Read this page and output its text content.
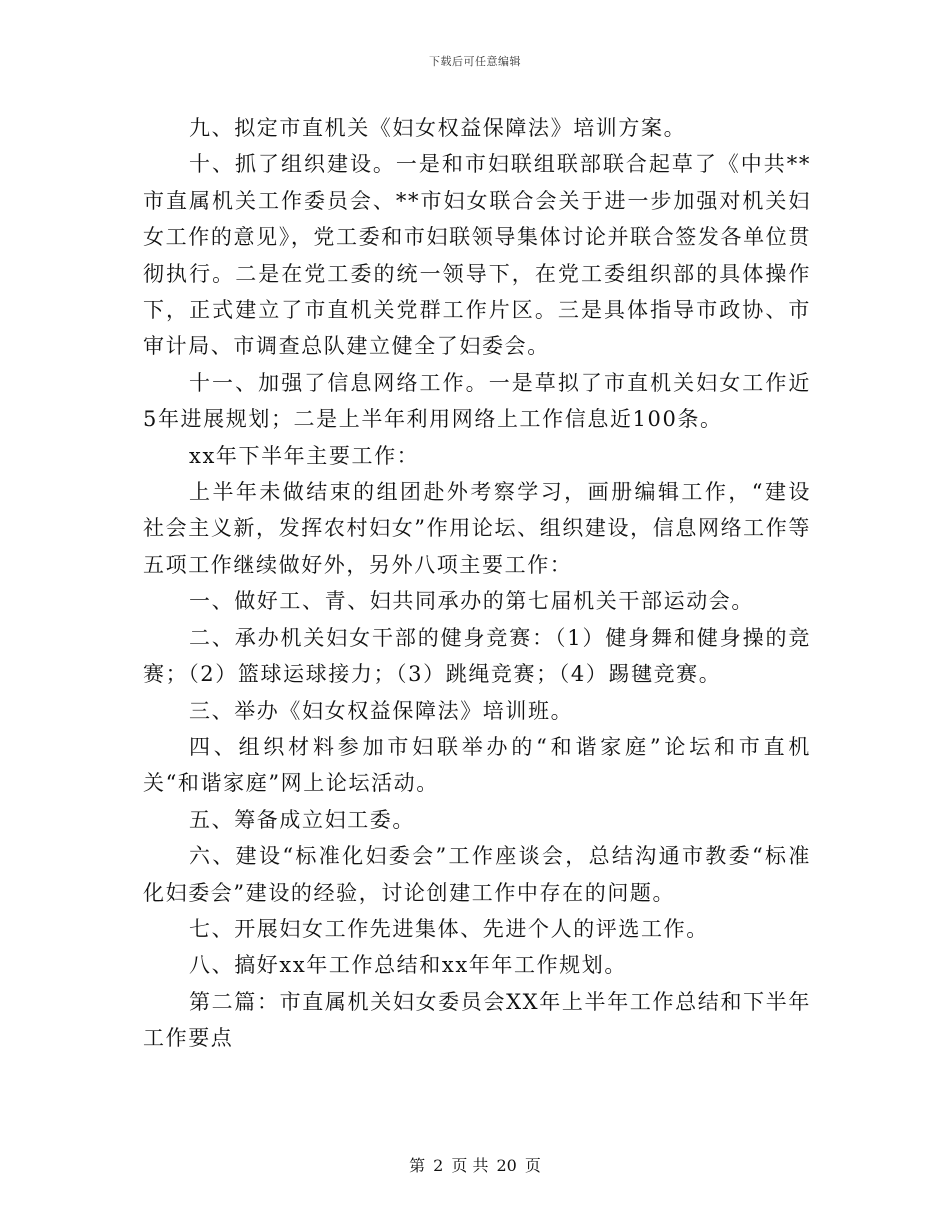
下载后可任意编辑

九、拟定市直机关《妇女权益保障法》培训方案。

十、抓了组织建设。一是和市妇联组联部联合起草了《中共**市直属机关工作委员会、**市妇女联合会关于进一步加强对机关妇女工作的意见》，党工委和市妇联领导集体讨论并联合签发各单位贯彻执行。二是在党工委的统一领导下，在党工委组织部的具体操作下，正式建立了市直机关党群工作片区。三是具体指导市政协、市审计局、市调查总队建立健全了妇委会。

十一、加强了信息网络工作。一是草拟了市直机关妇女工作近5年进展规划；二是上半年利用网络上工作信息近100条。

xx年下半年主要工作：

上半年未做结束的组团赴外考察学习，画册编辑工作，“建设社会主义新，发挥农村妇女”作用论坛、组织建设，信息网络工作等五项工作继续做好外，另外八项主要工作：

一、做好工、青、妇共同承办的第七届机关干部运动会。

二、承办机关妇女干部的健身竞赛：（1）健身舞和健身操的竞赛；（2）篮球运球接力；（3）跳绳竞赛；（4）踢毽竞赛。

三、举办《妇女权益保障法》培训班。

四、组织材料参加市妇联举办的“和谐家庭”论坛和市直机关“和谐家庭”网上论坛活动。

五、筹备成立妇工委。

六、建设“标准化妇委会”工作座谈会，总结沟通市教委“标准化妇委会”建设的经验，讨论创建工作中存在的问题。

七、开展妇女工作先进集体、先进个人的评选工作。

八、搞好xx年工作总结和xx年年工作规划。

第二篇：市直属机关妇女委员会XX年上半年工作总结和下半年工作要点

第 2 页 共 20 页
